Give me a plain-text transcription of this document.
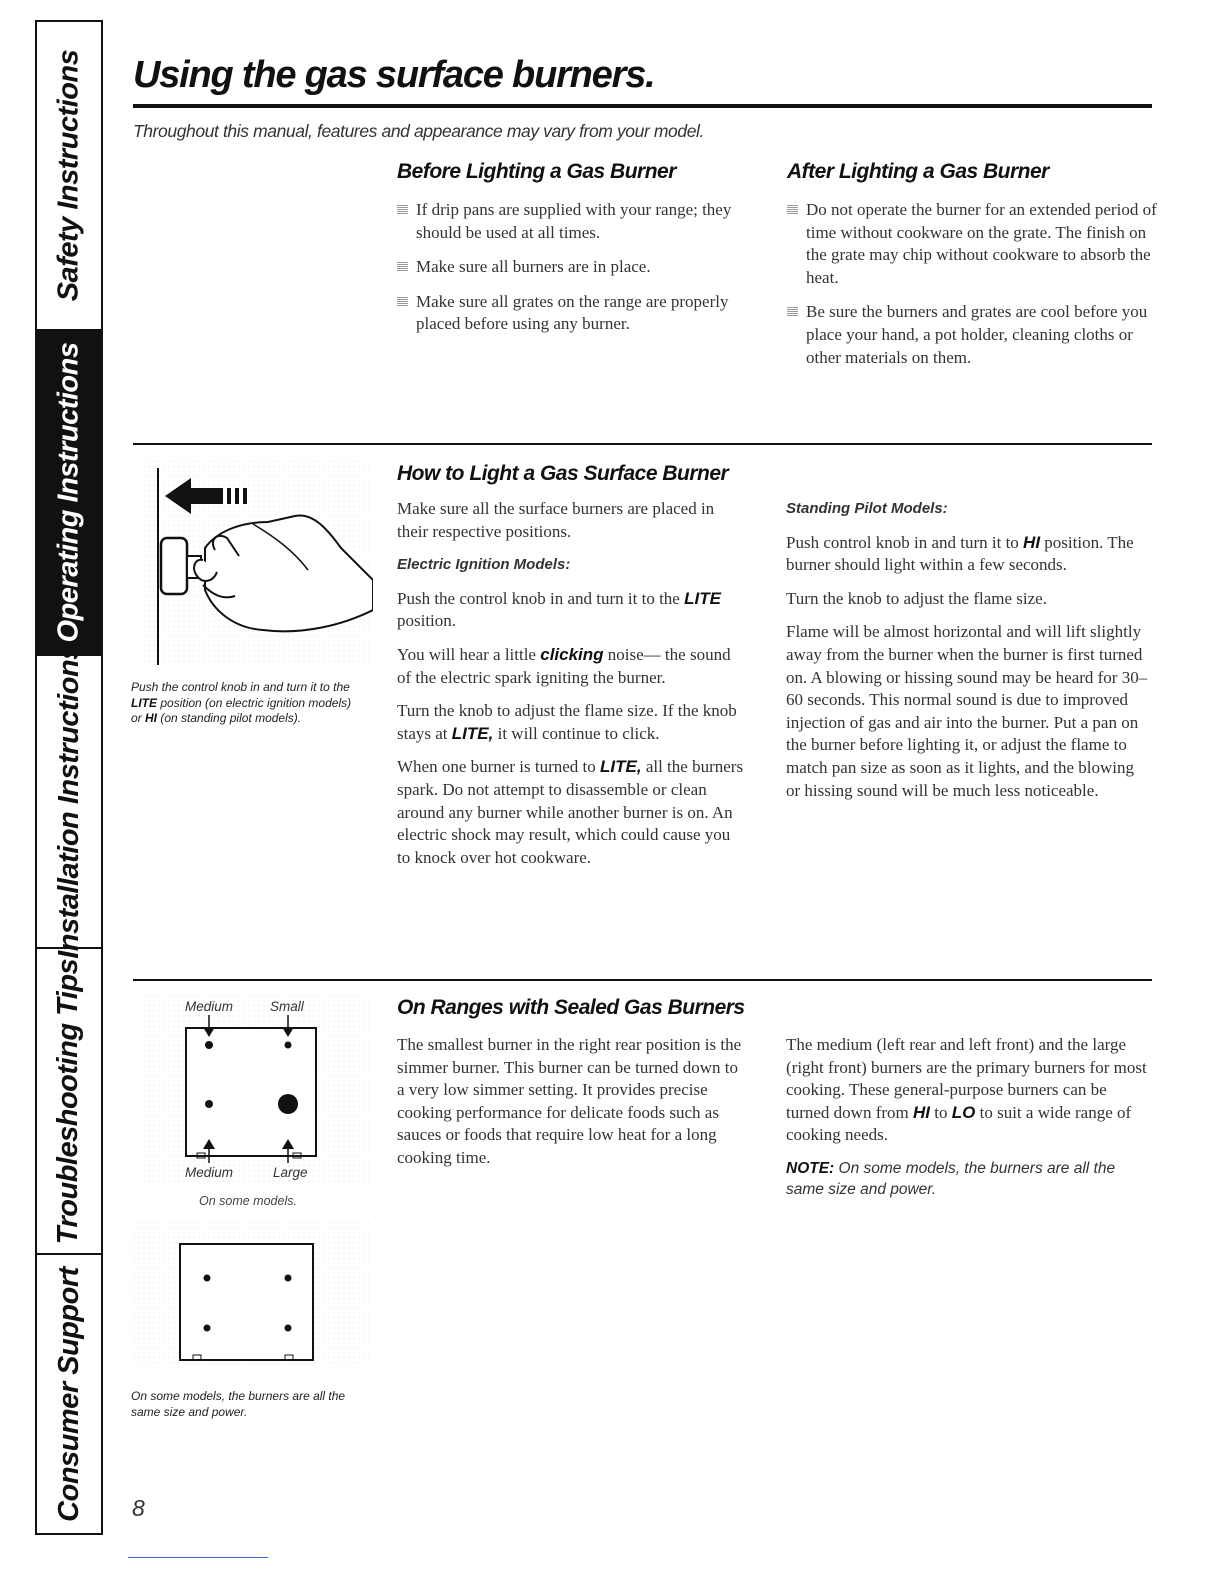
Safety Instructions
Operating Instructions
Installation Instructions
Troubleshooting Tips
Consumer Support
Using the gas surface burners.

Throughout this manual, features and appearance may vary from your model.

Before Lighting a Gas Burner
If drip pans are supplied with your range; they should be used at all times.
Make sure all burners are in place.
Make sure all grates on the range are properly placed before using any burner.
After Lighting a Gas Burner
Do not operate the burner for an extended period of time without cookware on the grate. The finish on the grate may chip without cookware to absorb the heat.
Be sure the burners and grates are cool before you place your hand, a pot holder, cleaning cloths or other materials on them.

Push the control knob in and turn it to the LITE position (on electric ignition models) or HI (on standing pilot models).

How to Light a Gas Surface Burner

Make sure all the surface burners are placed in their respective positions.

Electric Ignition Models:

Push the control knob in and turn it to the LITE position.

You will hear a little clicking noise— the sound of the electric spark igniting the burner.

Turn the knob to adjust the flame size. If the knob stays at LITE, it will continue to click.

When one burner is turned to LITE, all the burners spark. Do not attempt to disassemble or clean around any burner while another burner is on. An electric shock may result, which could cause you to knock over hot cookware.

Standing Pilot Models:

Push control knob in and turn it to HI position. The burner should light within a few seconds.

Turn the knob to adjust the flame size.

Flame will be almost horizontal and will lift slightly away from the burner when the burner is first turned on. A blowing or hissing sound may be heard for 30–60 seconds. This normal sound is due to improved injection of gas and air into the burner. Put a pan on the burner before lighting it, or adjust the flame to match pan size as soon as it lights, and the blowing or hissing sound will be much less noticeable.

Medium	Small
Medium	Large
On some models.

On some models, the burners are all the same size and power.

On Ranges with Sealed Gas Burners

The smallest burner in the right rear position is the simmer burner. This burner can be turned down to a very low simmer setting. It provides precise cooking performance for delicate foods such as sauces or foods that require low heat for a long cooking time.

The medium (left rear and left front) and the large (right front) burners are the primary burners for most cooking. These general-purpose burners can be turned down from HI to LO to suit a wide range of cooking needs.

NOTE: On some models, the burners are all the same size and power.

8
